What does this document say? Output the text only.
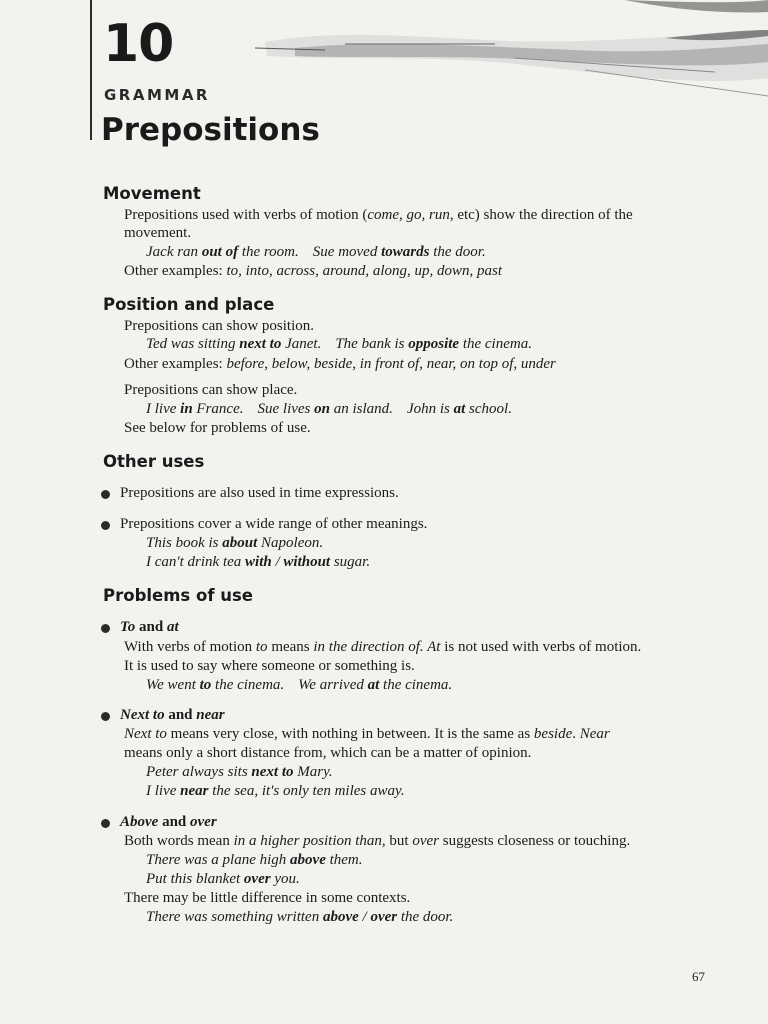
10
GRAMMAR
Prepositions
Movement
Prepositions used with verbs of motion (come, go, run, etc) show the direction of the
movement.
Jack ran out of the room. Sue moved towards the door.
Other examples: to, into, across, around, along, up, down, past
Position and place
Prepositions can show position.
Ted was sitting next to Janet. The bank is opposite the cinema.
Other examples: before, below, beside, in front of, near, on top of, under
Prepositions can show place.
I live in France. Sue lives on an island. John is at school.
See below for problems of use.
Other uses
Prepositions are also used in time expressions.
Prepositions cover a wide range of other meanings.
This book is about Napoleon.
I can't drink tea with / without sugar.
Problems of use
To and at
With verbs of motion to means in the direction of. At is not used with verbs of motion.
It is used to say where someone or something is.
We went to the cinema. We arrived at the cinema.
Next to and near
Next to means very close, with nothing in between. It is the same as beside. Near
means only a short distance from, which can be a matter of opinion.
Peter always sits next to Mary.
I live near the sea, it's only ten miles away.
Above and over
Both words mean in a higher position than, but over suggests closeness or touching.
There was a plane high above them.
Put this blanket over you.
There may be little difference in some contexts.
There was something written above / over the door.
67
